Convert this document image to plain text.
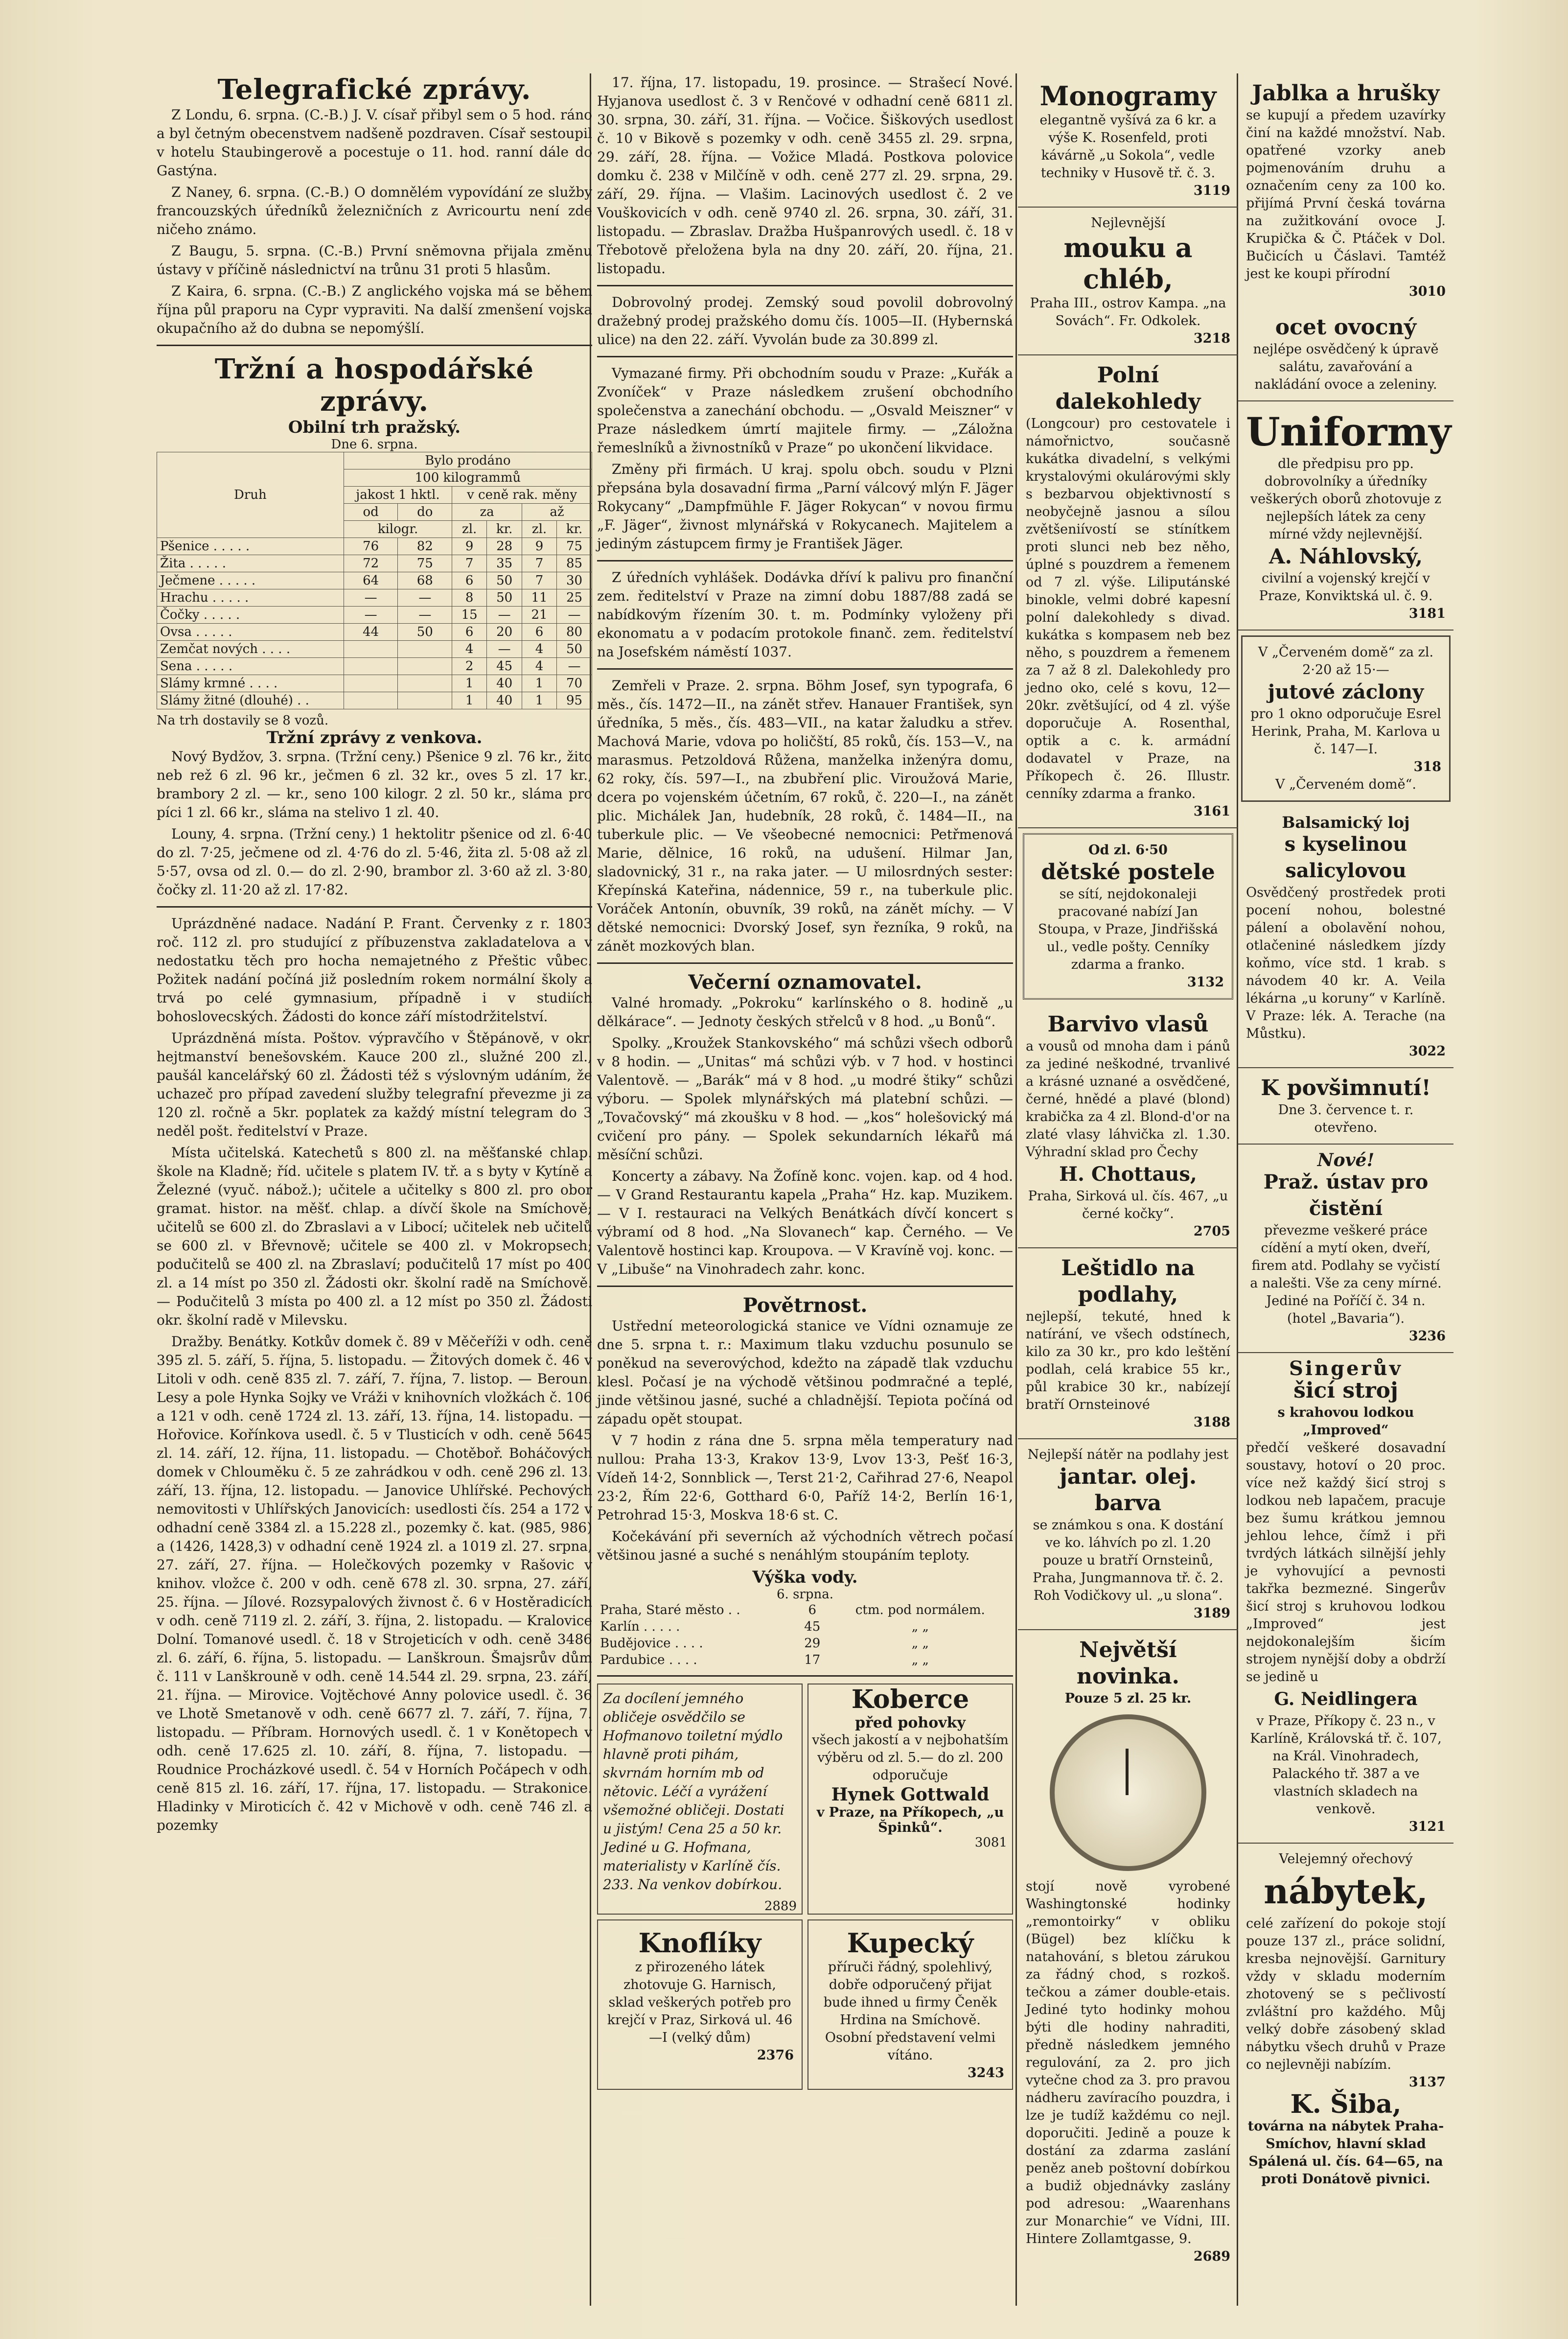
Telegrafické zprávy.

Z Londu, 6. srpna. (C.-B.) J. V. císař přibyl sem o 5 hod. ráno a byl četným obecenstvem nadšeně pozdraven. Císař sestoupil v hotelu Staubingerově a pocestuje o 11. hod. ranní dále do Gastýna.

Z Naney, 6. srpna. (C.-B.) O domnělém vypovídání ze služby francouzských úředníků železničních z Avricourtu není zde ničeho známo.

Z Baugu, 5. srpna. (C.-B.) První sněmovna přijala změnu ústavy v příčině následnictví na trůnu 31 proti 5 hlasům.

Z Kaira, 6. srpna. (C.-B.) Z anglického vojska má se během října půl praporu na Cypr vypraviti. Na další zmenšení vojska okupačního až do dubna se nepomýšlí.

Tržní a hospodářské zprávy.
Obilní trh pražský.
Dne 6. srpna.
Druh	Bylo prodáno					
	100 kilogrammů					
	jakost 1 hktl.		v ceně rak. měny			
	od	do	za		až	
	kilogr.		zl.	kr.	zl.	kr.
Pšenice . . . . .	76	82	9	28	9	75
Žita . . . . .	72	75	7	35	7	85
Ječmene . . . . .	64	68	6	50	7	30
Hrachu . . . . .	—	—	8	50	11	25
Čočky . . . . .	—	—	15	—	21	—
Ovsa . . . . .	44	50	6	20	6	80
Zemčat nových . . . .			4	—	4	50
Sena . . . . .			2	45	4	—
Slámy krmné . . . .			1	40	1	70
Slámy žitné (dlouhé) . .			1	40	1	95
Na trh dostavily se 8 vozů.
Tržní zprávy z venkova.

Nový Bydžov, 3. srpna. (Tržní ceny.) Pšenice 9 zl. 76 kr., žito neb rež 6 zl. 96 kr., ječmen 6 zl. 32 kr., oves 5 zl. 17 kr., brambory 2 zl. — kr., seno 100 kilogr. 2 zl. 50 kr., sláma pro píci 1 zl. 66 kr., sláma na stelivo 1 zl. 40.

Louny, 4. srpna. (Tržní ceny.) 1 hektolitr pšenice od zl. 6·40 do zl. 7·25, ječmene od zl. 4·76 do zl. 5·46, žita zl. 5·08 až zl. 5·57, ovsa od zl. 0.— do zl. 2·90, brambor zl. 3·60 až zl. 3·80, čočky zl. 11·20 až zl. 17·82.

Uprázdněné nadace. Nadání P. Frant. Červenky z r. 1803 roč. 112 zl. pro studující z příbuzenstva zakladatelova a v nedostatku těch pro hocha nemajetného z Přeštic vůbec. Požitek nadání počíná již posledním rokem normální školy a trvá po celé gymnasium, případně i v studiích bohoslovecských. Žádosti do konce září místodržitelství.

Uprázdněná místa. Poštov. výpravčího v Štěpánově, v okr. hejtmanství benešovském. Kauce 200 zl., služné 200 zl., paušál kancelářský 60 zl. Žádosti též s výslovným udáním, že uchazeč pro případ zavedení služby telegrafní převezme ji za 120 zl. ročně a 5kr. poplatek za každý místní telegram do 3 neděl pošt. ředitelství v Praze.

Místa učitelská. Katechetů s 800 zl. na měšťanské chlap. škole na Kladně; říd. učitele s platem IV. tř. a s byty v Kytíně a Železné (vyuč. nábož.); učitele a učitelky s 800 zl. pro obor gramat. histor. na měšť. chlap. a dívčí škole na Smíchově; učitelů se 600 zl. do Zbraslavi a v Libocí; učitelek neb učitelů se 600 zl. v Břevnově; učitele se 400 zl. v Mokropsech; podučitelů se 400 zl. na Zbraslaví; podučitelů 17 míst po 400 zl. a 14 míst po 350 zl. Žádosti okr. školní radě na Smíchově. — Podučitelů 3 místa po 400 zl. a 12 míst po 350 zl. Žádosti okr. školní radě v Milevsku.

Dražby. Benátky. Kotkův domek č. 89 v Měčeříži v odh. ceně 395 zl. 5. září, 5. října, 5. listopadu. — Žitových domek č. 46 v Litoli v odh. ceně 835 zl. 7. září, 7. října, 7. listop. — Beroun. Lesy a pole Hynka Sojky ve Vráži v knihovních vložkách č. 106 a 121 v odh. ceně 1724 zl. 13. září, 13. října, 14. listopadu. — Hořovice. Kořínkova usedl. č. 5 v Tlusticích v odh. ceně 5645 zl. 14. září, 12. října, 11. listopadu. — Chotěboř. Boháčových domek v Chlouměku č. 5 ze zahrádkou v odh. ceně 296 zl. 13. září, 13. října, 12. listopadu. — Janovice Uhlířské. Pechových nemovitosti v Uhlířských Janovicích: usedlosti čís. 254 a 172 v odhadní ceně 3384 zl. a 15.228 zl., pozemky č. kat. (985, 986) a (1426, 1428,3) v odhadní ceně 1924 zl. a 1019 zl. 27. srpna, 27. září, 27. října. — Holečkových pozemky v Rašovic v knihov. vložce č. 200 v odh. ceně 678 zl. 30. srpna, 27. září, 25. října. — Jílové. Rozsypalových živnost č. 6 v Hostěradicích v odh. ceně 7119 zl. 2. září, 3. října, 2. listopadu. — Kralovice Dolní. Tomanové usedl. č. 18 v Strojeticích v odh. ceně 3486 zl. 6. září, 6. října, 5. listopadu. — Lanškroun. Šmajsrův dům č. 111 v Lanškrouně v odh. ceně 14.544 zl. 29. srpna, 23. září, 21. října. — Mirovice. Vojtěchové Anny polovice usedl. č. 36 ve Lhotě Smetanově v odh. ceně 6677 zl. 7. září, 7. října, 7. listopadu. — Příbram. Hornových usedl. č. 1 v Konětopech v odh. ceně 17.625 zl. 10. září, 8. října, 7. listopadu. — Roudnice Procházkové usedl. č. 54 v Horních Počápech v odh. ceně 815 zl. 16. září, 17. října, 17. listopadu. — Strakonice. Hladinky v Miroticích č. 42 v Michově v odh. ceně 746 zl. a pozemky

17. října, 17. listopadu, 19. prosince. — Strašecí Nové. Hyjanova usedlost č. 3 v Renčové v odhadní ceně 6811 zl. 30. srpna, 30. září, 31. října. — Vočice. Šiškových usedlost č. 10 v Bikově s pozemky v odh. ceně 3455 zl. 29. srpna, 29. září, 28. října. — Vožice Mladá. Postkova polovice domku č. 238 v Milčíně v odh. ceně 277 zl. 29. srpna, 29. září, 29. října. — Vlašim. Lacinových usedlost č. 2 ve Vouškovicích v odh. ceně 9740 zl. 26. srpna, 30. září, 31. listopadu. — Zbraslav. Dražba Hušpanrových usedl. č. 18 v Třebotově přeložena byla na dny 20. září, 20. října, 21. listopadu.

Dobrovolný prodej. Zemský soud povolil dobrovolný dražebný prodej pražského domu čís. 1005—II. (Hybernská ulice) na den 22. září. Vyvolán bude za 30.899 zl.

Vymazané firmy. Při obchodním soudu v Praze: „Kuřák a Zvoníček“ v Praze následkem zrušení obchodního společenstva a zanechání obchodu. — „Osvald Meiszner“ v Praze následkem úmrtí majitele firmy. — „Záložna řemeslníků a živnostníků v Praze“ po ukončení likvidace.

Změny při firmách. U kraj. spolu obch. soudu v Plzni přepsána byla dosavadní firma „Parní válcový mlýn F. Jäger Rokycany“ „Dampfmühle F. Jäger Rokycan“ v novou firmu „F. Jäger“, živnost mlynářská v Rokycanech. Majitelem a jediným zástupcem firmy je František Jäger.

Z úředních vyhlášek. Dodávka dříví k palivu pro finanční zem. ředitelství v Praze na zimní dobu 1887/88 zadá se nabídkovým řízením 30. t. m. Podmínky vyloženy při ekonomatu a v podacím protokole finanč. zem. ředitelství na Josefském náměstí 1037.

Zemřeli v Praze. 2. srpna. Böhm Josef, syn typografa, 6 měs., čís. 1472—II., na zánět střev. Hanauer František, syn úředníka, 5 měs., čís. 483—VII., na katar žaludku a střev. Machová Marie, vdova po holičští, 85 roků, čís. 153—V., na marasmus. Petzoldová Růžena, manželka inženýra domu, 62 roky, čís. 597—I., na zbubření plic. Viroužová Marie, dcera po vojenském účetním, 67 roků, č. 220—I., na zánět plic. Michálek Jan, hudebník, 28 roků, č. 1484—II., na tuberkule plic. — Ve všeobecné nemocnici: Petřmenová Marie, dělnice, 16 roků, na udušení. Hilmar Jan, sladovnický, 31 r., na raka jater. — U milosrdných sester: Křepínská Kateřina, nádennice, 59 r., na tuberkule plic. Voráček Antonín, obuvník, 39 roků, na zánět míchy. — V dětské nemocnici: Dvorský Josef, syn řezníka, 9 roků, na zánět mozkových blan.

Večerní oznamovatel.

Valné hromady. „Pokroku“ karlínského o 8. hodině „u dělkárace“. — Jednoty českých střelců v 8 hod. „u Bonů“.

Spolky. „Kroužek Stankovského“ má schůzi všech odborů v 8 hodin. — „Unitas“ má schůzi výb. v 7 hod. v hostinci Valentově. — „Barák“ má v 8 hod. „u modré štiky“ schůzi výboru. — Spolek mlynářských má platební schůzi. — „Tovačovský“ má zkoušku v 8 hod. — „kos“ holešovický má cvičení pro pány. — Spolek sekundarních lékařů má měsíční schůzi.

Koncerty a zábavy. Na Žofíně konc. vojen. kap. od 4 hod. — V Grand Restaurantu kapela „Praha“ Hz. kap. Muzikem. — V I. restauraci na Velkých Benátkách dívčí koncert s výbramí od 8 hod. „Na Slovanech“ kap. Černého. — Ve Valentově hostinci kap. Kroupova. — V Kravíně voj. konc. — V „Libuše“ na Vinohradech zahr. konc.

Povětrnost.

Ustřední meteorologická stanice ve Vídni oznamuje ze dne 5. srpna t. r.: Maximum tlaku vzduchu posunulo se poněkud na severovýchod, kdežto na západě tlak vzduchu klesl. Počasí je na východě většinou podmračné a teplé, jinde většinou jasné, suché a chladnější. Tepiota počíná od západu opět stoupat.

V 7 hodin z rána dne 5. srpna měla temperatury nad nullou: Praha 13·3, Krakov 13·9, Lvov 13·3, Pešť 16·3, Vídeň 14·2, Sonnblick —, Terst 21·2, Cařihrad 27·6, Neapol 23·2, Řím 22·6, Gotthard 6·0, Paříž 14·2, Berlín 16·1, Petrohrad 15·3, Moskva 18·6 st. C.

Kočekávání při severních až východních větrech počasí většinou jasné a suché s nenáhlým stoupáním teploty.

Výška vody.
6. srpna.
Praha, Staré město . .	6	ctm. pod normálem.
Karlín . . . . .	45	„ „
Budějovice . . . .	29	„ „
Pardubice . . . .	17	„ „
Za docílení jemného obličeje osvědčilo se Hofmanovo toiletní mýdlo hlavně proti pihám, skvrnám horním mb od nětovic. Léčí a vyrážení všemožné obličeji. Dostati u jistým! Cena 25 a 50 kr. Jediné u G. Hofmana, materialisty v Karlíně čís. 233. Na venkov dobírkou.
2889
Koberce
před pohovky
všech jakostí a v nejbohatším výběru od zl. 5.— do zl. 200 odporučuje
Hynek Gottwald
v Praze, na Příkopech, „u Špinků“.
3081
Knoflíky
z přirozeného látek zhotovuje G. Harnisch, sklad veškerých potřeb pro krejčí v Praz, Sirková ul. 46—I (velký dům)
2376
Kupecký
příruči řádný, spolehlivý, dobře odporučený přijat bude ihned u firmy Čeněk Hrdina na Smíchově. Osobní představení velmi vítáno.
3243
Monogramy
elegantně vyšívá za 6 kr. a výše K. Rosenfeld, proti kávárně „u Sokola“, vedle techniky v Husově tř. č. 3.
3119
Nejlevnější
mouku a chléb,
Praha III., ostrov Kampa. „na Sovách“. Fr. Odkolek.
3218
Polní dalekohledy
(Longcour) pro cestovatele i námořnictvo, současně kukátka divadelní, s velkými krystalovými okulárovými skly s bezbarvou objektivností s neobyčejně jasnou a sílou zvětšeniívostí se stínítkem proti slunci neb bez něho, úplné s pouzdrem a řemenem od 7 zl. výše. Liliputánské binokle, velmi dobré kapesní polní dalekohledy s divad. kukátka s kompasem neb bez něho, s pouzdrem a řemenem za 7 až 8 zl. Dalekohledy pro jedno oko, celé s kovu, 12—20kr. zvětšující, od 4 zl. výše doporučuje A. Rosenthal, optik a c. k. armádní dodavatel v Praze, na Příkopech č. 26. Illustr. cenníky zdarma a franko.
3161
Od zl. 6·50
dětské postele
se sítí, nejdokonaleji pracované nabízí Jan Stoupa, v Praze, Jindřišská ul., vedle pošty. Cenníky zdarma a franko.
3132
Barvivo vlasů
a vousů od mnoha dam i pánů za jediné neškodné, trvanlivé a krásné uznané a osvědčené, černé, hnědé a plavé (blond) krabička za 4 zl. Blond-d'or na zlaté vlasy láhvička zl. 1.30. Výhradní sklad pro Čechy
H. Chottaus,
Praha, Sirková ul. čís. 467, „u černé kočky“.
2705
Leštidlo na podlahy,
nejlepší, tekuté, hned k natírání, ve všech odstínech, kilo za 30 kr., pro kdo leštění podlah, celá krabice 55 kr., půl krabice 30 kr., nabízejí bratří Ornsteinové
3188
Nejlepší nátěr na podlahy jest
jantar. olej. barva
se známkou s ona. K dostání ve ko. láhvích po zl. 1.20 pouze u bratří Ornsteinů, Praha, Jungmannova tř. č. 2. Roh Vodičkovy ul. „u slona“.
3189
Největší novinka.
Pouze 5 zl. 25 kr.
stojí nově vyrobené Washingtonské hodinky „remontoirky“ v obliku (Bügel) bez klíčku k natahování, s bletou zárukou za řádný chod, s rozkoš. tečkou a zámer double-etais. Jediné tyto hodinky mohou býti dle hodiny nahraditi, předně následkem jemného regulování, za 2. pro jich vytečne chod za 3. pro pravou nádheru zavíracího pouzdra, i lze je tudíž každému co nejl. doporučiti. Jedině a pouze k dostání za zdarma zaslání peněz aneb poštovní dobírkou a budiž objednávky zaslány pod adresou: „Waarenhans zur Monarchie“ ve Vídni, III. Hintere Zollamtgasse, 9.
2689
Jablka a hrušky
se kupují a předem uzavírky činí na každé množství. Nab. opatřené vzorky aneb pojmenováním druhu a označením ceny za 100 ko. přijímá První česká továrna na zužitkování ovoce J. Krupička & Č. Ptáček v Dol. Bučicích u Čáslavi. Tamtéž jest ke koupi přírodní
3010
ocet ovocný
nejlépe osvědčený k úpravě salátu, zavařování a nakládání ovoce a zeleniny.
Uniformy
dle předpisu pro pp. dobrovolníky a úředníky veškerých oborů zhotovuje z nejlepších látek za ceny mírné vždy nejlevnější.
A. Náhlovský,
civilní a vojenský krejčí v Praze, Konviktská ul. č. 9.
3181
V „Červeném domě“ za zl. 2·20 až 15·—
jutové záclony
pro 1 okno odporučuje Esrel Herink, Praha, M. Karlova u č. 147—I.
318
V „Červeném domě“.
Balsamický loj
s kyselinou salicylovou
Osvědčený prostředek proti pocení nohou, bolestné pálení a obolavění nohou, otlačeniné následkem jízdy koňmo, více std. 1 krab. s návodem 40 kr. A. Veila lékárna „u koruny“ v Karlíně. V Praze: lék. A. Terache (na Můstku).
3022
K povšimnutí!
Dne 3. července t. r. otevřeno.
Nové!
Praž. ústav pro čistění
převezme veškeré práce cídění a mytí oken, dveří, firem atd. Podlahy se vyčistí a nalešti. Vše za ceny mírné. Jediné na Poříčí č. 34 n. (hotel „Bavaria“).
3236
Singerův
šicí stroj
s krahovou lodkou „Improved“
předčí veškeré dosavadní soustavy, hotoví o 20 proc. více než každý šicí stroj s lodkou neb lapačem, pracuje bez šumu krátkou jemnou jehlou lehce, čímž i při tvrdých látkách silnější jehly je vyhovující a pevnosti takřka bezmezné. Singerův šicí stroj s kruhovou lodkou „Improved“ jest nejdokonalejším šicím strojem nynější doby a obdrží se jedině u
G. Neidlingera
v Praze, Příkopy č. 23 n., v Karlíně, Královská tř. č. 107, na Král. Vinohradech, Palackého tř. 387 a ve vlastních skladech na venkově.
3121
Velejemný ořechový
nábytek,
celé zařízení do pokoje stojí pouze 137 zl., práce solidní, kresba nejnovější. Garnitury vždy v skladu moderním zhotovený se s pečlivostí zvláštní pro každého. Můj velký dobře zásobený sklad nábytku všech druhů v Praze co nejlevněji nabízím.
3137
K. Šiba,
továrna na nábytek Praha-Smíchov, hlavní sklad Spálená ul. čís. 64—65, na proti Donátově pivnici.
